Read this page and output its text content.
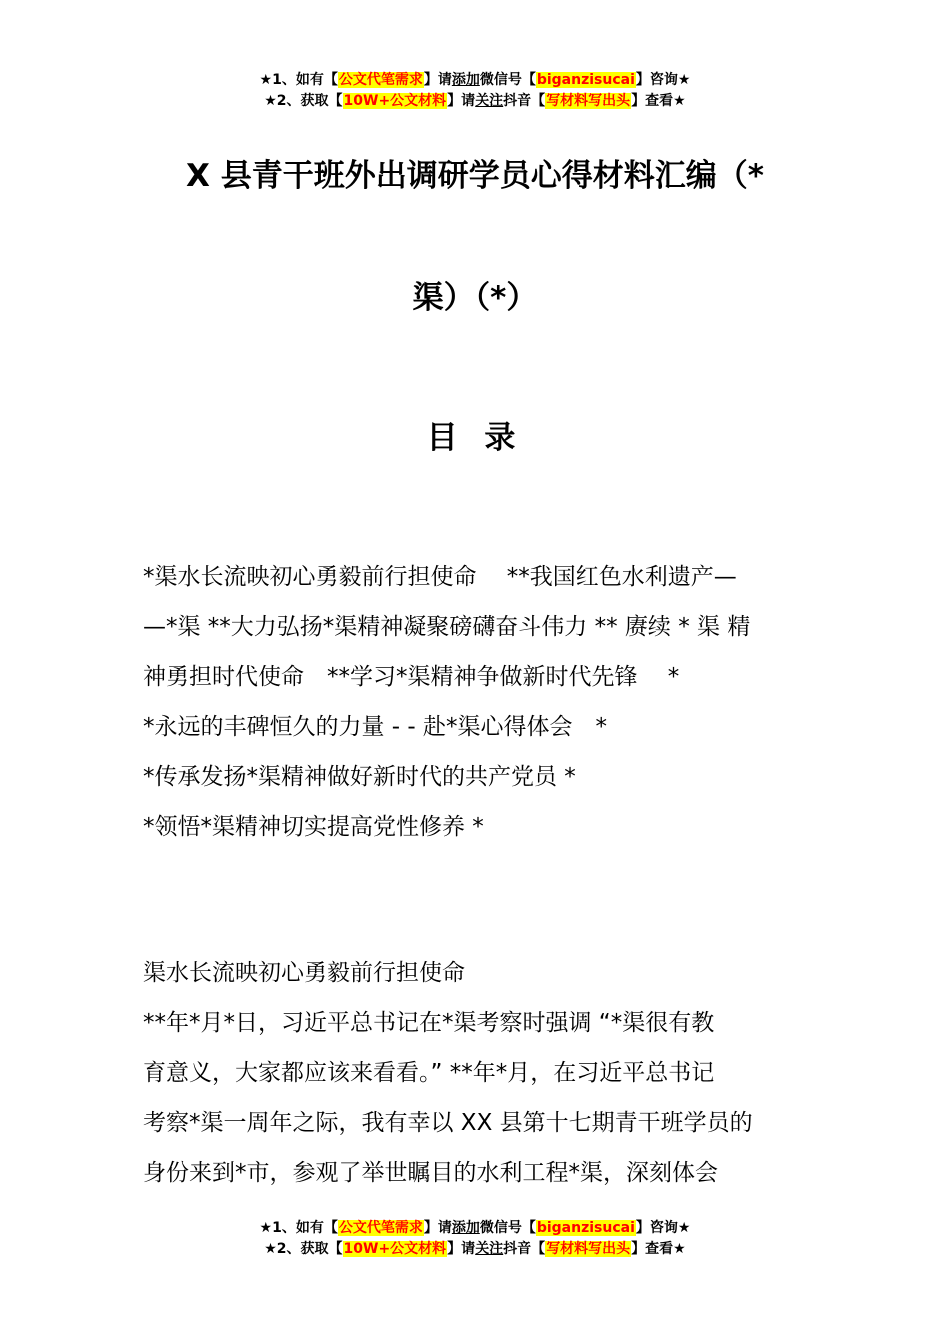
★1、如有【公文代笔需求】请添加微信号【biganzisucai】咨询★
★2、获取【10W+公文材料】请关注抖音【写材料写出头】查看★
X 县青干班外出调研学员心得材料汇编（*
渠）（*）
目 录
*渠水长流映初心勇毅前行担使命　 **我国红色水利遗产—
—*渠 **大力弘扬*渠精神凝聚磅礴奋斗伟力 ** 赓续 * 渠 精
神勇担时代使命　**学习*渠精神争做新时代先锋　 *
*永远的丰碑恒久的力量 - - 赴*渠心得体会　*
*传承发扬*渠精神做好新时代的共产党员 *
*领悟*渠精神切实提高党性修养 *
渠水长流映初心勇毅前行担使命
**年*月*日，习近平总书记在*渠考察时强调 “*渠很有教
育意义，大家都应该来看看。” **年*月，在习近平总书记
考察*渠一周年之际，我有幸以 XX 县第十七期青干班学员的
身份来到*市，参观了举世瞩目的水利工程*渠，深刻体会
★1、如有【公文代笔需求】请添加微信号【biganzisucai】咨询★
★2、获取【10W+公文材料】请关注抖音【写材料写出头】查看★
